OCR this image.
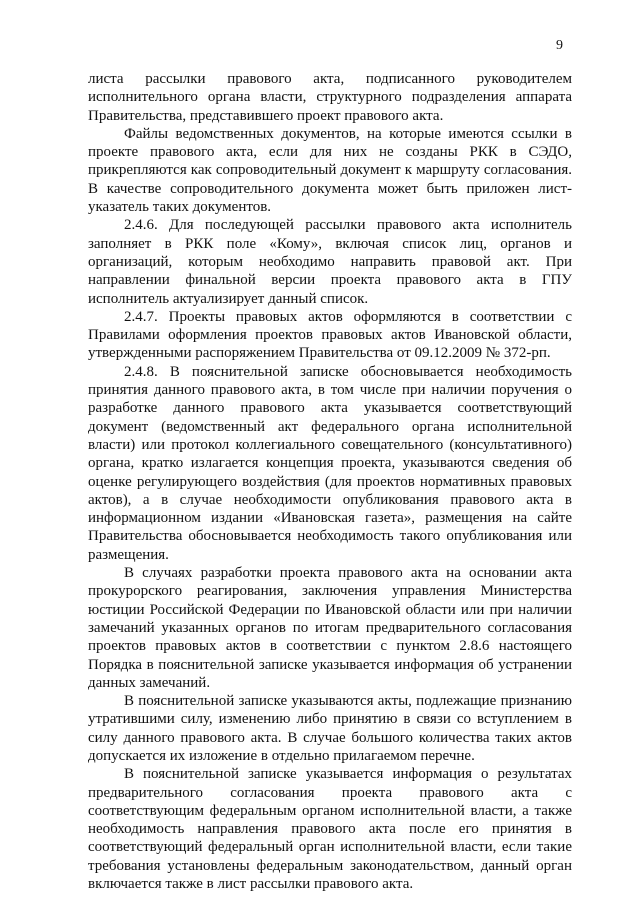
9

листа рассылки правового акта, подписанного руководителем исполнительного органа власти, структурного подразделения аппарата Правительства, представившего проект правового акта.

Файлы ведомственных документов, на которые имеются ссылки в проекте правового акта, если для них не созданы РКК в СЭДО, прикрепляются как сопроводительный документ к маршруту согласования. В качестве сопроводительного документа может быть приложен лист-указатель таких документов.

2.4.6. Для последующей рассылки правового акта исполнитель заполняет в РКК поле «Кому», включая список лиц, органов и организаций, которым необходимо направить правовой акт. При направлении финальной версии проекта правового акта в ГПУ исполнитель актуализирует данный список.

2.4.7. Проекты правовых актов оформляются в соответствии с Правилами оформления проектов правовых актов Ивановской области, утвержденными распоряжением Правительства от 09.12.2009 № 372-рп.

2.4.8. В пояснительной записке обосновывается необходимость принятия данного правового акта, в том числе при наличии поручения о разработке данного правового акта указывается соответствующий документ (ведомственный акт федерального органа исполнительной власти) или протокол коллегиального совещательного (консультативного) органа, кратко излагается концепция проекта, указываются сведения об оценке регулирующего воздействия (для проектов нормативных правовых актов), а в случае необходимости опубликования правового акта в информационном издании «Ивановская газета», размещения на сайте Правительства обосновывается необходимость такого опубликования или размещения.

В случаях разработки проекта правового акта на основании акта прокурорского реагирования, заключения управления Министерства юстиции Российской Федерации по Ивановской области или при наличии замечаний указанных органов по итогам предварительного согласования проектов правовых актов в соответствии с пунктом 2.8.6 настоящего Порядка в пояснительной записке указывается информация об устранении данных замечаний.

В пояснительной записке указываются акты, подлежащие признанию утратившими силу, изменению либо принятию в связи со вступлением в силу данного правового акта. В случае большого количества таких актов допускается их изложение в отдельно прилагаемом перечне.

В пояснительной записке указывается информация о результатах предварительного согласования проекта правового акта с соответствующим федеральным органом исполнительной власти, а также необходимость направления правового акта после его принятия в соответствующий федеральный орган исполнительной власти, если такие требования установлены федеральным законодательством, данный орган включается также в лист рассылки правового акта.
